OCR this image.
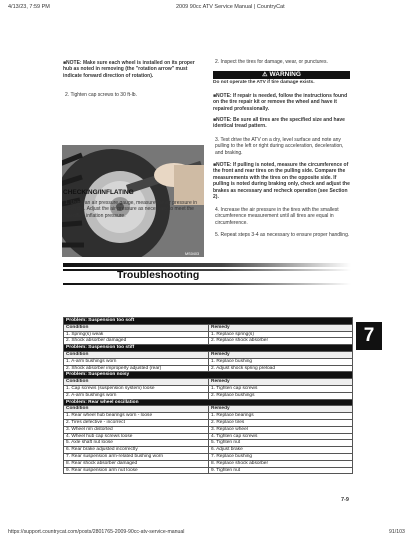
4/13/23, 7:59 PM	2009 90cc ATV Service Manual | CountryCat
■NOTE: Make sure each wheel is installed on its proper hub as noted in removing (the "rotation arrow" must indicate forward direction of rotation).
2. Tighten cap screws to 30 ft-lb.
MS0403
CHECKING/INFLATING
1. Using an air pressure gauge, measure the air pressure in each tire. Adjust the air pressure as necessary to meet the specified inflation pressure.
2. Inspect the tires for damage, wear, or punctures.
⚠ WARNING
Do not operate the ATV if tire damage exists.
■NOTE: If repair is needed, follow the instructions found on the tire repair kit or remove the wheel and have it repaired professionally.
■NOTE: Be sure all tires are the specified size and have identical tread pattern.
3. Test drive the ATV on a dry, level surface and note any pulling to the left or right during acceleration, deceleration, and braking.
■NOTE: If pulling is noted, measure the circumference of the front and rear tires on the pulling side. Compare the measurements with the tires on the opposite side. If pulling is noted during braking only, check and adjust the brakes as necessary and recheck operation (see Section 2).
4. Increase the air pressure in the tires with the smallest circumference measurement until all tires are equal in circumference.
5. Repeat steps 3-4 as necessary to ensure proper handling.
Troubleshooting
7
Problem: Suspension too soft	
Condition	Remedy
1. Spring(s) weak	1. Replace spring(s)
2. Shock absorber damaged	2. Replace shock absorber
Problem: Suspension too stiff	
Condition	Remedy
1. A-arm bushings worn	1. Replace bushing
2. Shock absorber improperly adjusted (rear)	2. Adjust shock spring preload
Problem: Suspension noisy	
Condition	Remedy
1. Cap screws (suspension system) loose	1. Tighten cap screws
2. A-arm bushings worn	2. Replace bushings
Problem: Rear wheel oscillation	
Condition	Remedy
1. Rear wheel hub bearings worn - loose	1. Replace bearings
2. Tires defective - incorrect	2. Replace tires
3. Wheel rim distorted	3. Replace wheel
4. Wheel hub cap screws loose	4. Tighten cap screws
5. Axle shaft nut loose	5. Tighten nut
6. Rear brake adjusted incorrectly	6. Adjust brake
7. Rear suspension arm-related bushing worn	7. Replace bushing
8. Rear shock absorber damaged	8. Replace shock absorber
9. Rear suspension arm nut loose	9. Tighten nut
7-9
https://support.countrycat.com/posts/2801765-2009-90cc-atv-service-manual	91/103
